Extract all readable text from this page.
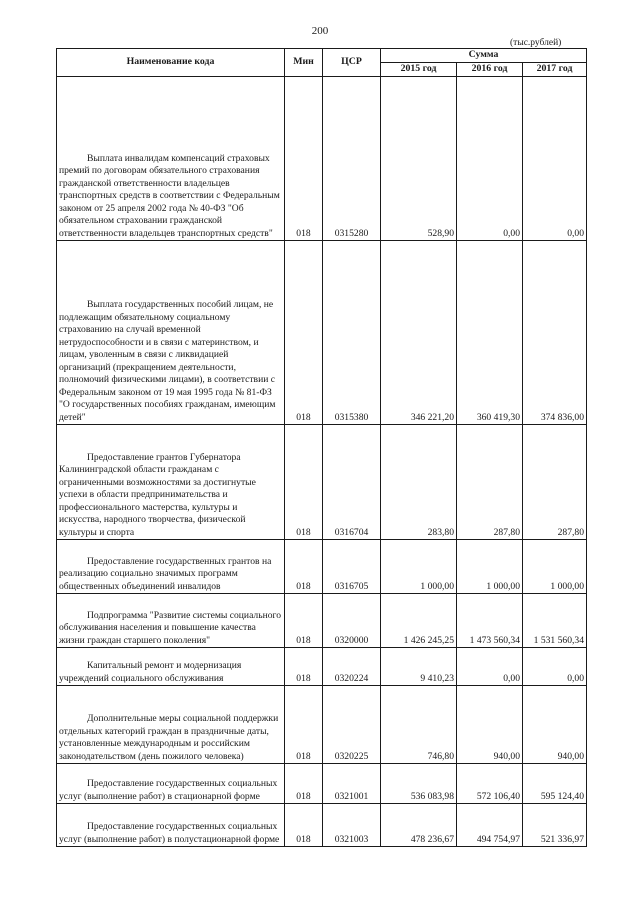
200
(тыс.рублей)
Наименование кода	Мин	ЦСР	Сумма		
			2015 год	2016 год	2017 год
Выплата инвалидам компенсаций страховых премий по договорам обязательного страхования гражданской ответственности владельцев транспортных средств в соответствии с Федеральным законом от 25 апреля 2002 года № 40-ФЗ "Об обязательном страховании гражданской ответственности владельцев транспортных средств"	018	0315280	528,90	0,00	0,00
Выплата государственных пособий лицам, не подлежащим обязательному социальному страхованию на случай временной нетрудоспособности и в связи с материнством, и лицам, уволенным в связи с ликвидацией организаций (прекращением деятельности, полномочий физическими лицами), в соответствии с Федеральным законом от 19 мая 1995 года № 81-ФЗ "О государственных пособиях гражданам, имеющим детей"	018	0315380	346 221,20	360 419,30	374 836,00
Предоставление грантов Губернатора Калининградской области гражданам с ограниченными возможностями за достигнутые успехи в области предпринимательства и профессионального мастерства, культуры и искусства, народного творчества, физической культуры и спорта	018	0316704	283,80	287,80	287,80
Предоставление государственных грантов на реализацию социально значимых программ общественных объединений инвалидов	018	0316705	1 000,00	1 000,00	1 000,00
Подпрограмма "Развитие системы социального обслуживания населения и повышение качества жизни граждан старшего поколения"	018	0320000	1 426 245,25	1 473 560,34	1 531 560,34
Капитальный ремонт и модернизация учреждений социального обслуживания	018	0320224	9 410,23	0,00	0,00
Дополнительные меры социальной поддержки отдельных категорий граждан в праздничные даты, установленные международным и российским законодательством (день пожилого человека)	018	0320225	746,80	940,00	940,00
Предоставление государственных социальных услуг (выполнение работ) в стационарной форме	018	0321001	536 083,98	572 106,40	595 124,40
Предоставление государственных социальных услуг (выполнение работ) в полустационарной форме	018	0321003	478 236,67	494 754,97	521 336,97
